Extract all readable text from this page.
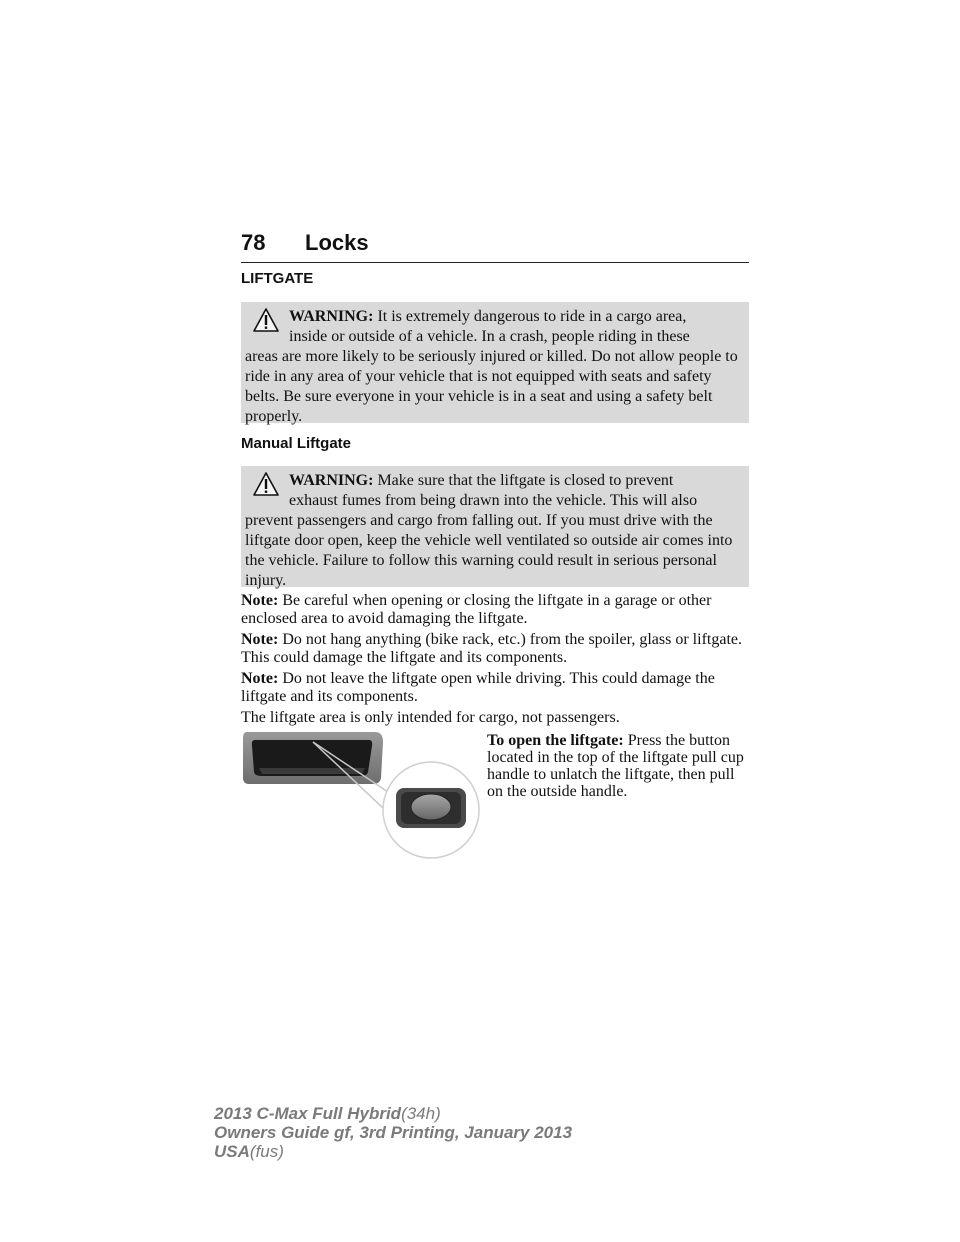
78 Locks
LIFTGATE
WARNING: It is extremely dangerous to ride in a cargo area,
inside or outside of a vehicle. In a crash, people riding in these
areas are more likely to be seriously injured or killed. Do not allow people to ride in any area of your vehicle that is not equipped with seats and safety belts. Be sure everyone in your vehicle is in a seat and using a safety belt properly.
Manual Liftgate
WARNING: Make sure that the liftgate is closed to prevent
exhaust fumes from being drawn into the vehicle. This will also
prevent passengers and cargo from falling out. If you must drive with the liftgate door open, keep the vehicle well ventilated so outside air comes into the vehicle. Failure to follow this warning could result in serious personal injury.
Note: Be careful when opening or closing the liftgate in a garage or other enclosed area to avoid damaging the liftgate.
Note: Do not hang anything (bike rack, etc.) from the spoiler, glass or liftgate. This could damage the liftgate and its components.
Note: Do not leave the liftgate open while driving. This could damage the liftgate and its components.
The liftgate area is only intended for cargo, not passengers.
To open the liftgate: Press the button located in the top of the liftgate pull cup handle to unlatch the liftgate, then pull on the outside handle.
2013 C-Max Full Hybrid(34h)
Owners Guide gf, 3rd Printing, January 2013
USA(fus)
